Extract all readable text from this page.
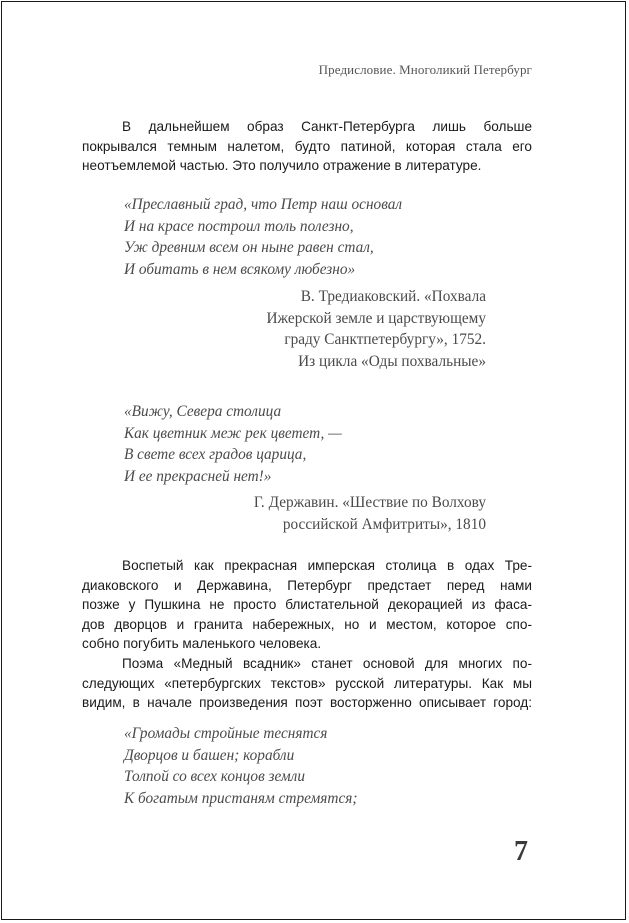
Предисловие. Многоликий Петербург
В дальнейшем образ Санкт-Петербурга лишь больше
покрывался темным налетом, будто патиной, которая стала его
неотъемлемой частью. Это получило отражение в литературе.
«Преславный град, что Петр наш основал
И на красе построил толь полезно,
Уж древним всем он ныне равен стал,
И обитать в нем всякому любезно»
В. Тредиаковский. «Похвала
Ижерской земле и царствующему
граду Санктпетербургу», 1752.
Из цикла «Оды похвальные»
«Вижу, Севера столица
Как цветник меж рек цветет, —
В свете всех градов царица,
И ее прекрасней нет!»
Г. Державин. «Шествие по Волхову
российской Амфитриты», 1810
Воспетый как прекрасная имперская столица в одах Тре-
диаковского и Державина, Петербург предстает перед нами
позже у Пушкина не просто блистательной декорацией из фаса-
дов дворцов и гранита набережных, но и местом, которое спо-
собно погубить маленького человека.
Поэма «Медный всадник» станет основой для многих по-
следующих «петербургских текстов» русской литературы. Как мы
видим, в начале произведения поэт восторженно описывает город:
«Громады стройные теснятся
Дворцов и башен; корабли
Толпой со всех концов земли
К богатым пристаням стремятся;
7
